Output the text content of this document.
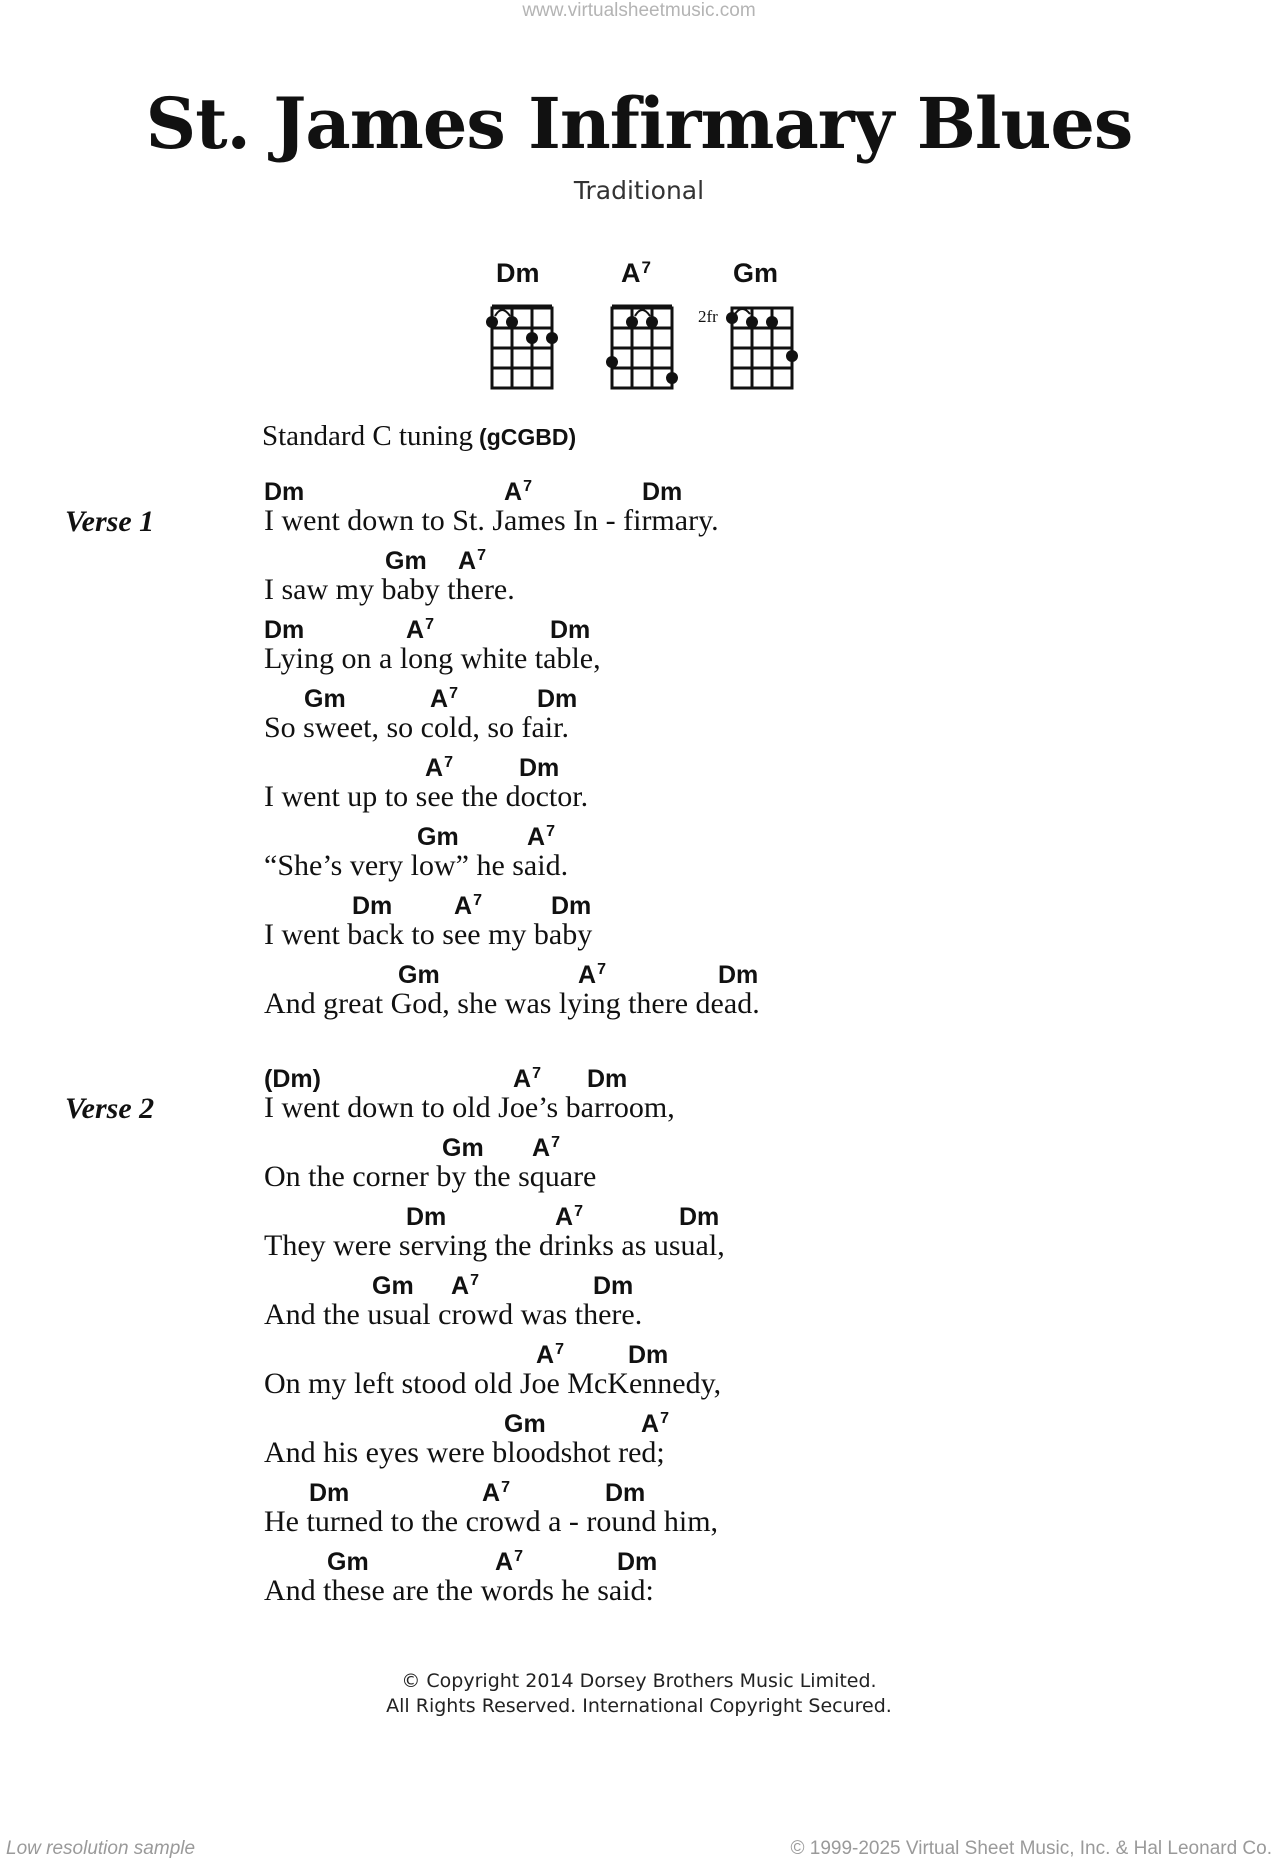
www.virtualsheetmusic.com
St. James Infirmary Blues
Traditional
Dm	$A^7$	Gm
2fr
Standard C tuning (gCGBD)
Verse 1
Dm	$A^7$	Dm
I went down to St. James In - firmary.
Gm $A^7$
I saw my baby there.
Dm	$A^7$	Dm
Lying on a long white table,
Gm	$A^7$	Dm
So sweet, so cold, so fair.
$A^7$	Dm
I went up to see the doctor.
Gm	$A^7$
“She’s very low” he said.
Dm $A^7$	Dm
I went back to see my baby
Gm	$A^7$	Dm
And great God, she was lying there dead.
Verse 2
(Dm)	$A^7$ Dm
I went down to old Joe’s barroom,
Gm $A^7$
On the corner by the square
Dm	$A^7$	Dm
They were serving the drinks as usual,
Gm $A^7$	Dm
And the usual crowd was there.
$A^7$	Dm
On my left stood old Joe McKennedy,
Gm	$A^7$
And his eyes were bloodshot red;
Dm	$A^7$	Dm
He turned to the crowd a - round him,
Gm	$A^7$	Dm
And these are the words he said:
© Copyright 2014 Dorsey Brothers Music Limited.
All Rights Reserved. International Copyright Secured.
Low resolution sample	© 1999-2025 Virtual Sheet Music, Inc. & Hal Leonard Co.
